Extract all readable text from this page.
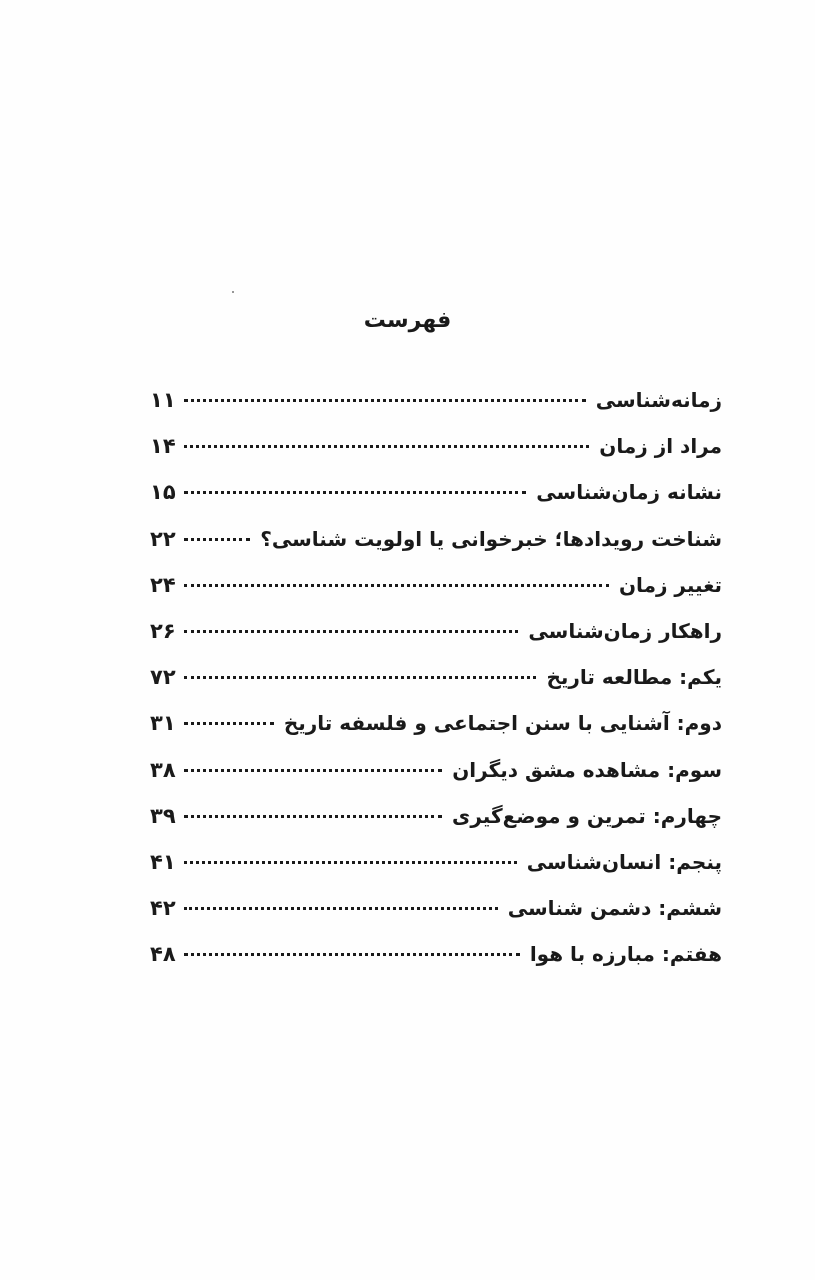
فهرست
زمانه‌شناسی
۱۱
مراد از زمان
۱۴
نشانه زمان‌شناسی
۱۵
شناخت رویدادها؛ خبرخوانی یا اولویت شناسی؟
۲۲
تغییر زمان
۲۴
راهکار زمان‌شناسی
۲۶
یکم: مطالعه تاریخ
۷۲
دوم: آشنایی با سنن اجتماعی و فلسفه تاریخ
۳۱
سوم: مشاهده مشق دیگران
۳۸
چهارم: تمرین و موضع‌گیری
۳۹
پنجم: انسان‌شناسی
۴۱
ششم: دشمن شناسی
۴۲
هفتم: مبارزه با هوا
۴۸
